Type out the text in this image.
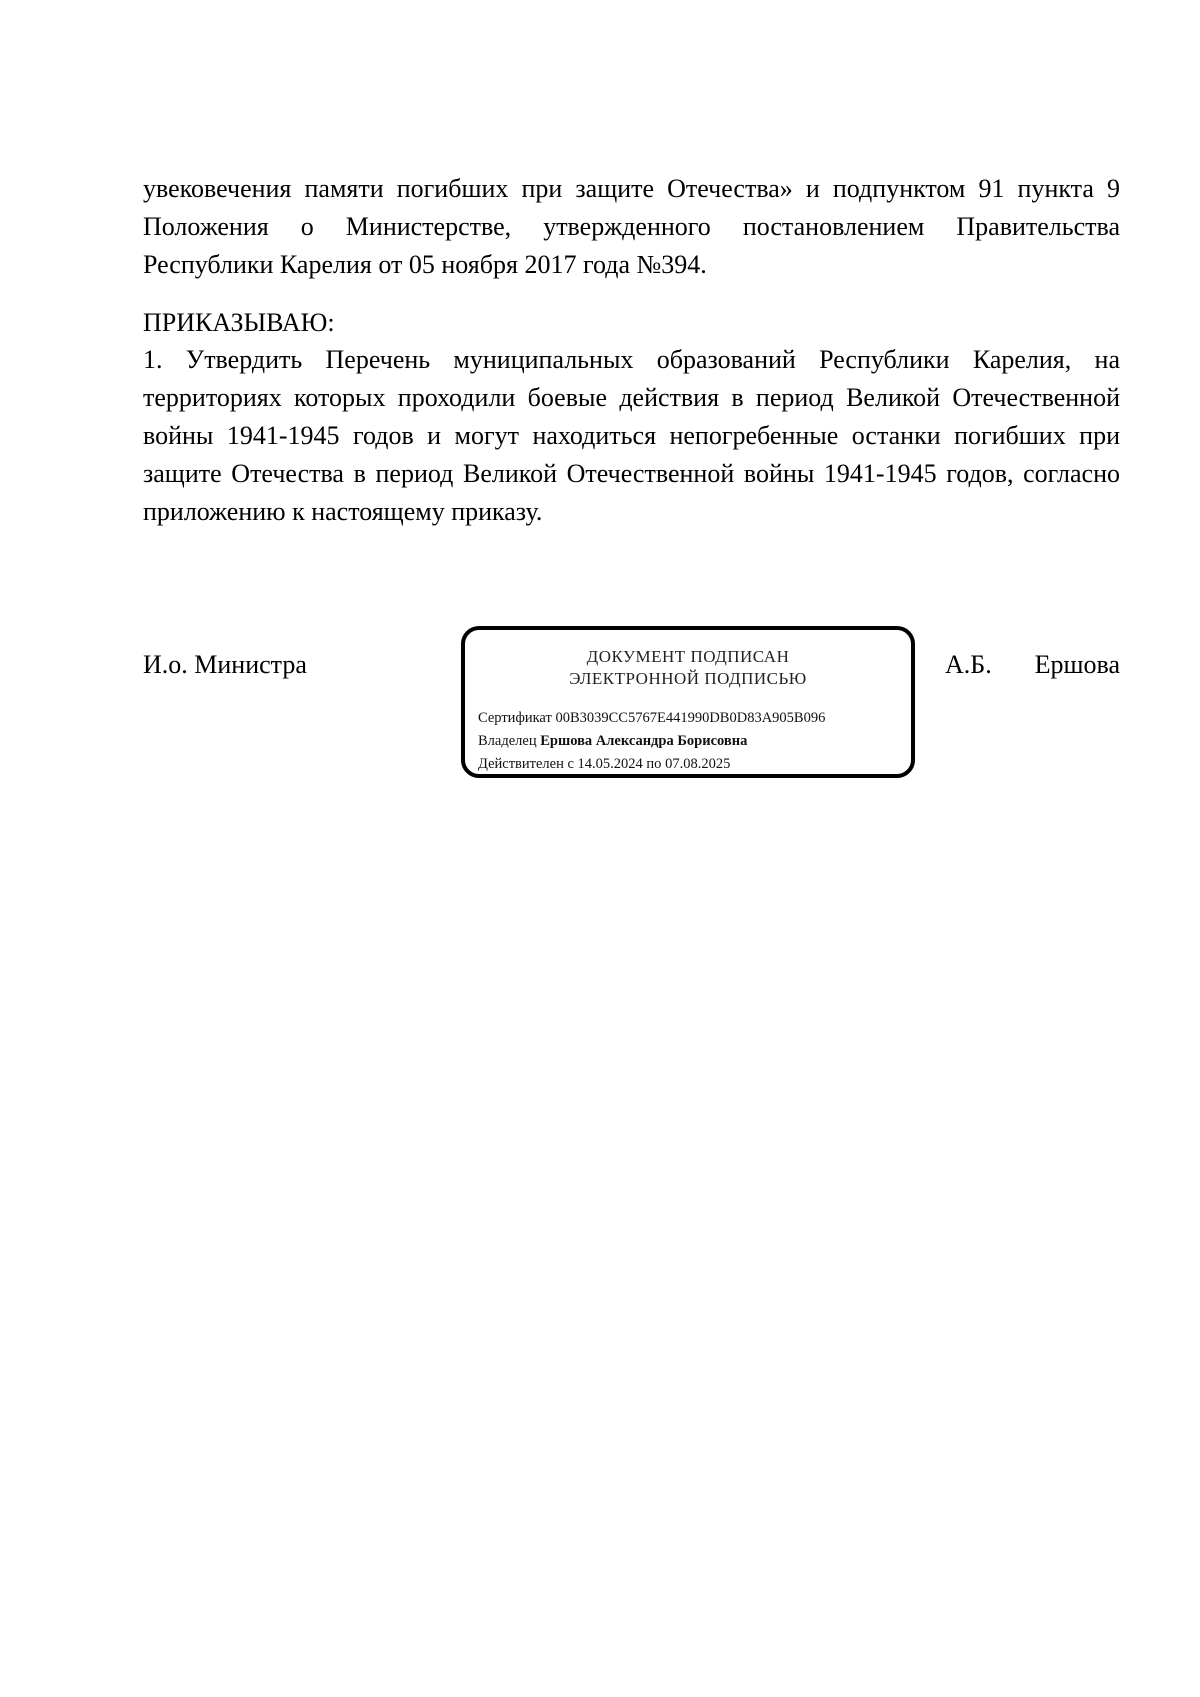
увековечения памяти погибших при защите Отечества» и подпунктом 91 пункта 9 Положения о Министерстве, утвержденного постановлением Правительства Республики Карелия от 05 ноября 2017 года №394.

ПРИКАЗЫВАЮ:

1. Утвердить Перечень муниципальных образований Республики Карелия, на территориях которых проходили боевые действия в период Великой Отечественной войны 1941-1945 годов и могут находиться непогребенные останки погибших при защите Отечества в период Великой Отечественной войны 1941-1945 годов, согласно приложению к настоящему приказу.

И.о. Министра	ДОКУМЕНТ ПОДПИСАН
ЭЛЕКТРОННОЙ ПОДПИСЬЮ
Сертификат 00B3039CC5767E441990DB0D83A905B096
Владелец Ершова Александра Борисовна
Действителен с 14.05.2024 по 07.08.2025
А.Б. Ершова
